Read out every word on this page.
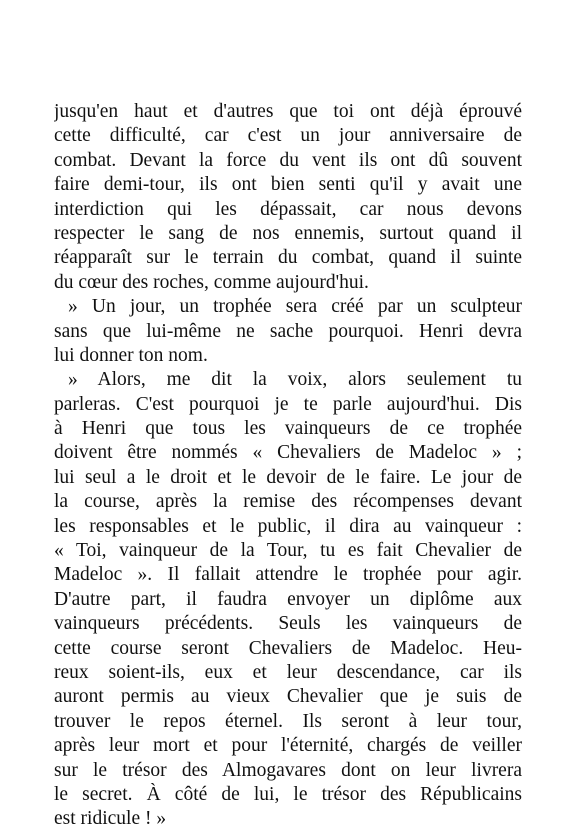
jusqu'en haut et d'autres que toi ont déjà éprouvé
cette difficulté, car c'est un jour anniversaire de
combat. Devant la force du vent ils ont dû souvent
faire demi-tour, ils ont bien senti qu'il y avait une
interdiction qui les dépassait, car nous devons
respecter le sang de nos ennemis, surtout quand il
réapparaît sur le terrain du combat, quand il suinte
du cœur des roches, comme aujourd'hui.
» Un jour, un trophée sera créé par un sculpteur
sans que lui-même ne sache pourquoi. Henri devra
lui donner ton nom.
» Alors, me dit la voix, alors seulement tu
parleras. C'est pourquoi je te parle aujourd'hui. Dis
à Henri que tous les vainqueurs de ce trophée
doivent être nommés « Chevaliers de Madeloc » ;
lui seul a le droit et le devoir de le faire. Le jour de
la course, après la remise des récompenses devant
les responsables et le public, il dira au vainqueur :
« Toi, vainqueur de la Tour, tu es fait Chevalier de
Madeloc ». Il fallait attendre le trophée pour agir.
D'autre part, il faudra envoyer un diplôme aux
vainqueurs précédents. Seuls les vainqueurs de
cette course seront Chevaliers de Madeloc. Heu-
reux soient-ils, eux et leur descendance, car ils
auront permis au vieux Chevalier que je suis de
trouver le repos éternel. Ils seront à leur tour,
après leur mort et pour l'éternité, chargés de veiller
sur le trésor des Almogavares dont on leur livrera
le secret. À côté de lui, le trésor des Républicains
est ridicule ! »
